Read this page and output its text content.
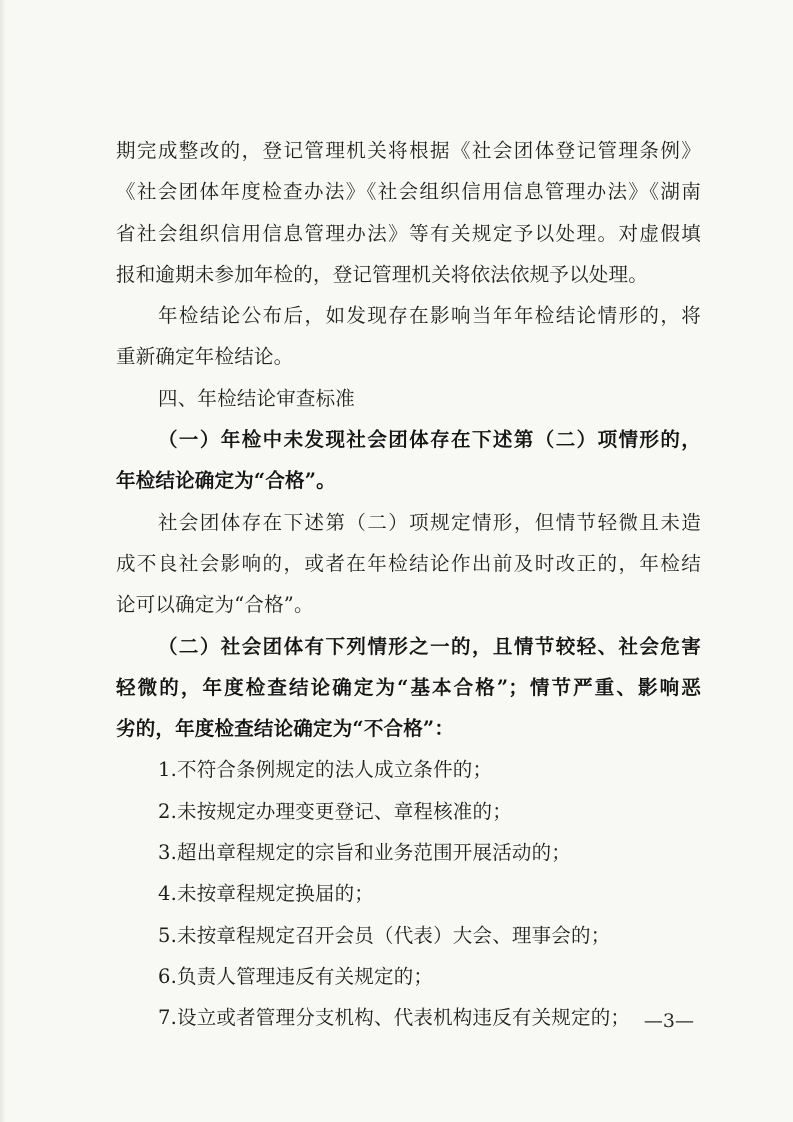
期完成整改的，登记管理机关将根据《社会团体登记管理条例》
《社会团体年度检查办法》《社会组织信用信息管理办法》《湖南
省社会组织信用信息管理办法》等有关规定予以处理。对虚假填
报和逾期未参加年检的，登记管理机关将依法依规予以处理。
年检结论公布后，如发现存在影响当年年检结论情形的，将
重新确定年检结论。
四、年检结论审查标准
（一）年检中未发现社会团体存在下述第（二）项情形的，
年检结论确定为“合格”。
社会团体存在下述第（二）项规定情形，但情节轻微且未造
成不良社会影响的，或者在年检结论作出前及时改正的，年检结
论可以确定为“合格”。
（二）社会团体有下列情形之一的，且情节较轻、社会危害
轻微的，年度检查结论确定为“基本合格”；情节严重、影响恶
劣的，年度检查结论确定为“不合格”：
1.不符合条例规定的法人成立条件的；
2.未按规定办理变更登记、章程核准的；
3.超出章程规定的宗旨和业务范围开展活动的；
4.未按章程规定换届的；
5.未按章程规定召开会员（代表）大会、理事会的；
6.负责人管理违反有关规定的；
7.设立或者管理分支机构、代表机构违反有关规定的； —3—
